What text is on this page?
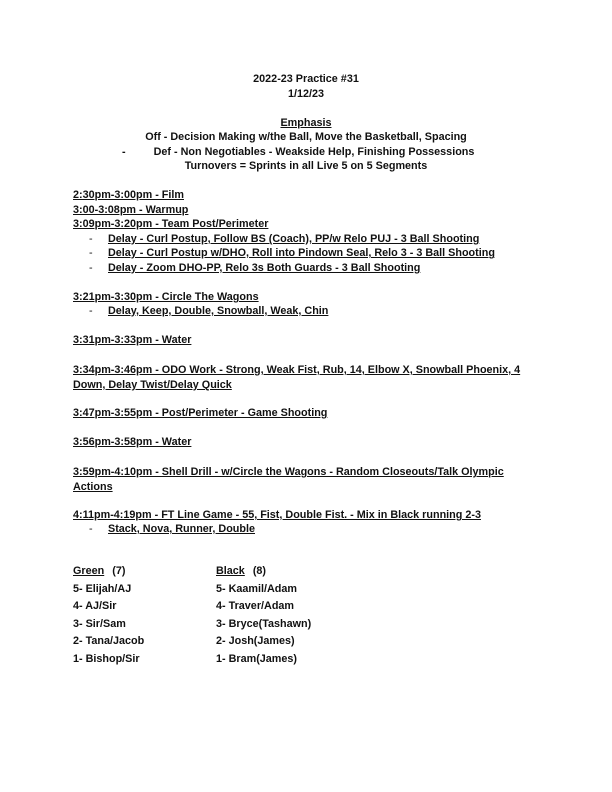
2022-23 Practice #31
1/12/23
Emphasis
Off - Decision Making w/the Ball, Move the Basketball, Spacing
-	Def - Non Negotiables - Weakside Help, Finishing Possessions
Turnovers = Sprints in all Live 5 on 5 Segments
2:30pm-3:00pm - Film
3:00-3:08pm - Warmup
3:09pm-3:20pm - Team Post/Perimeter
- Delay - Curl Postup, Follow BS (Coach), PP/w Relo PUJ - 3 Ball Shooting
- Delay - Curl Postup w/DHO, Roll into Pindown Seal, Relo 3 - 3 Ball Shooting
- Delay - Zoom DHO-PP, Relo 3s Both Guards - 3 Ball Shooting
3:21pm-3:30pm - Circle The Wagons
- Delay, Keep, Double, Snowball, Weak, Chin
3:31pm-3:33pm - Water
3:34pm-3:46pm - ODO Work - Strong, Weak Fist, Rub, 14, Elbow X, Snowball Phoenix, 4 Down, Delay Twist/Delay Quick
3:47pm-3:55pm - Post/Perimeter - Game Shooting
3:56pm-3:58pm - Water
3:59pm-4:10pm - Shell Drill - w/Circle the Wagons - Random Closeouts/Talk Olympic Actions
4:11pm-4:19pm - FT Line Game - 55, Fist, Double Fist. - Mix in Black running 2-3
- Stack, Nova, Runner, Double
Green (7)
5- Elijah/AJ
4- AJ/Sir
3- Sir/Sam
2- Tana/Jacob
1- Bishop/Sir
Black (8)
5- Kaamil/Adam
4- Traver/Adam
3- Bryce(Tashawn)
2- Josh(James)
1- Bram(James)
